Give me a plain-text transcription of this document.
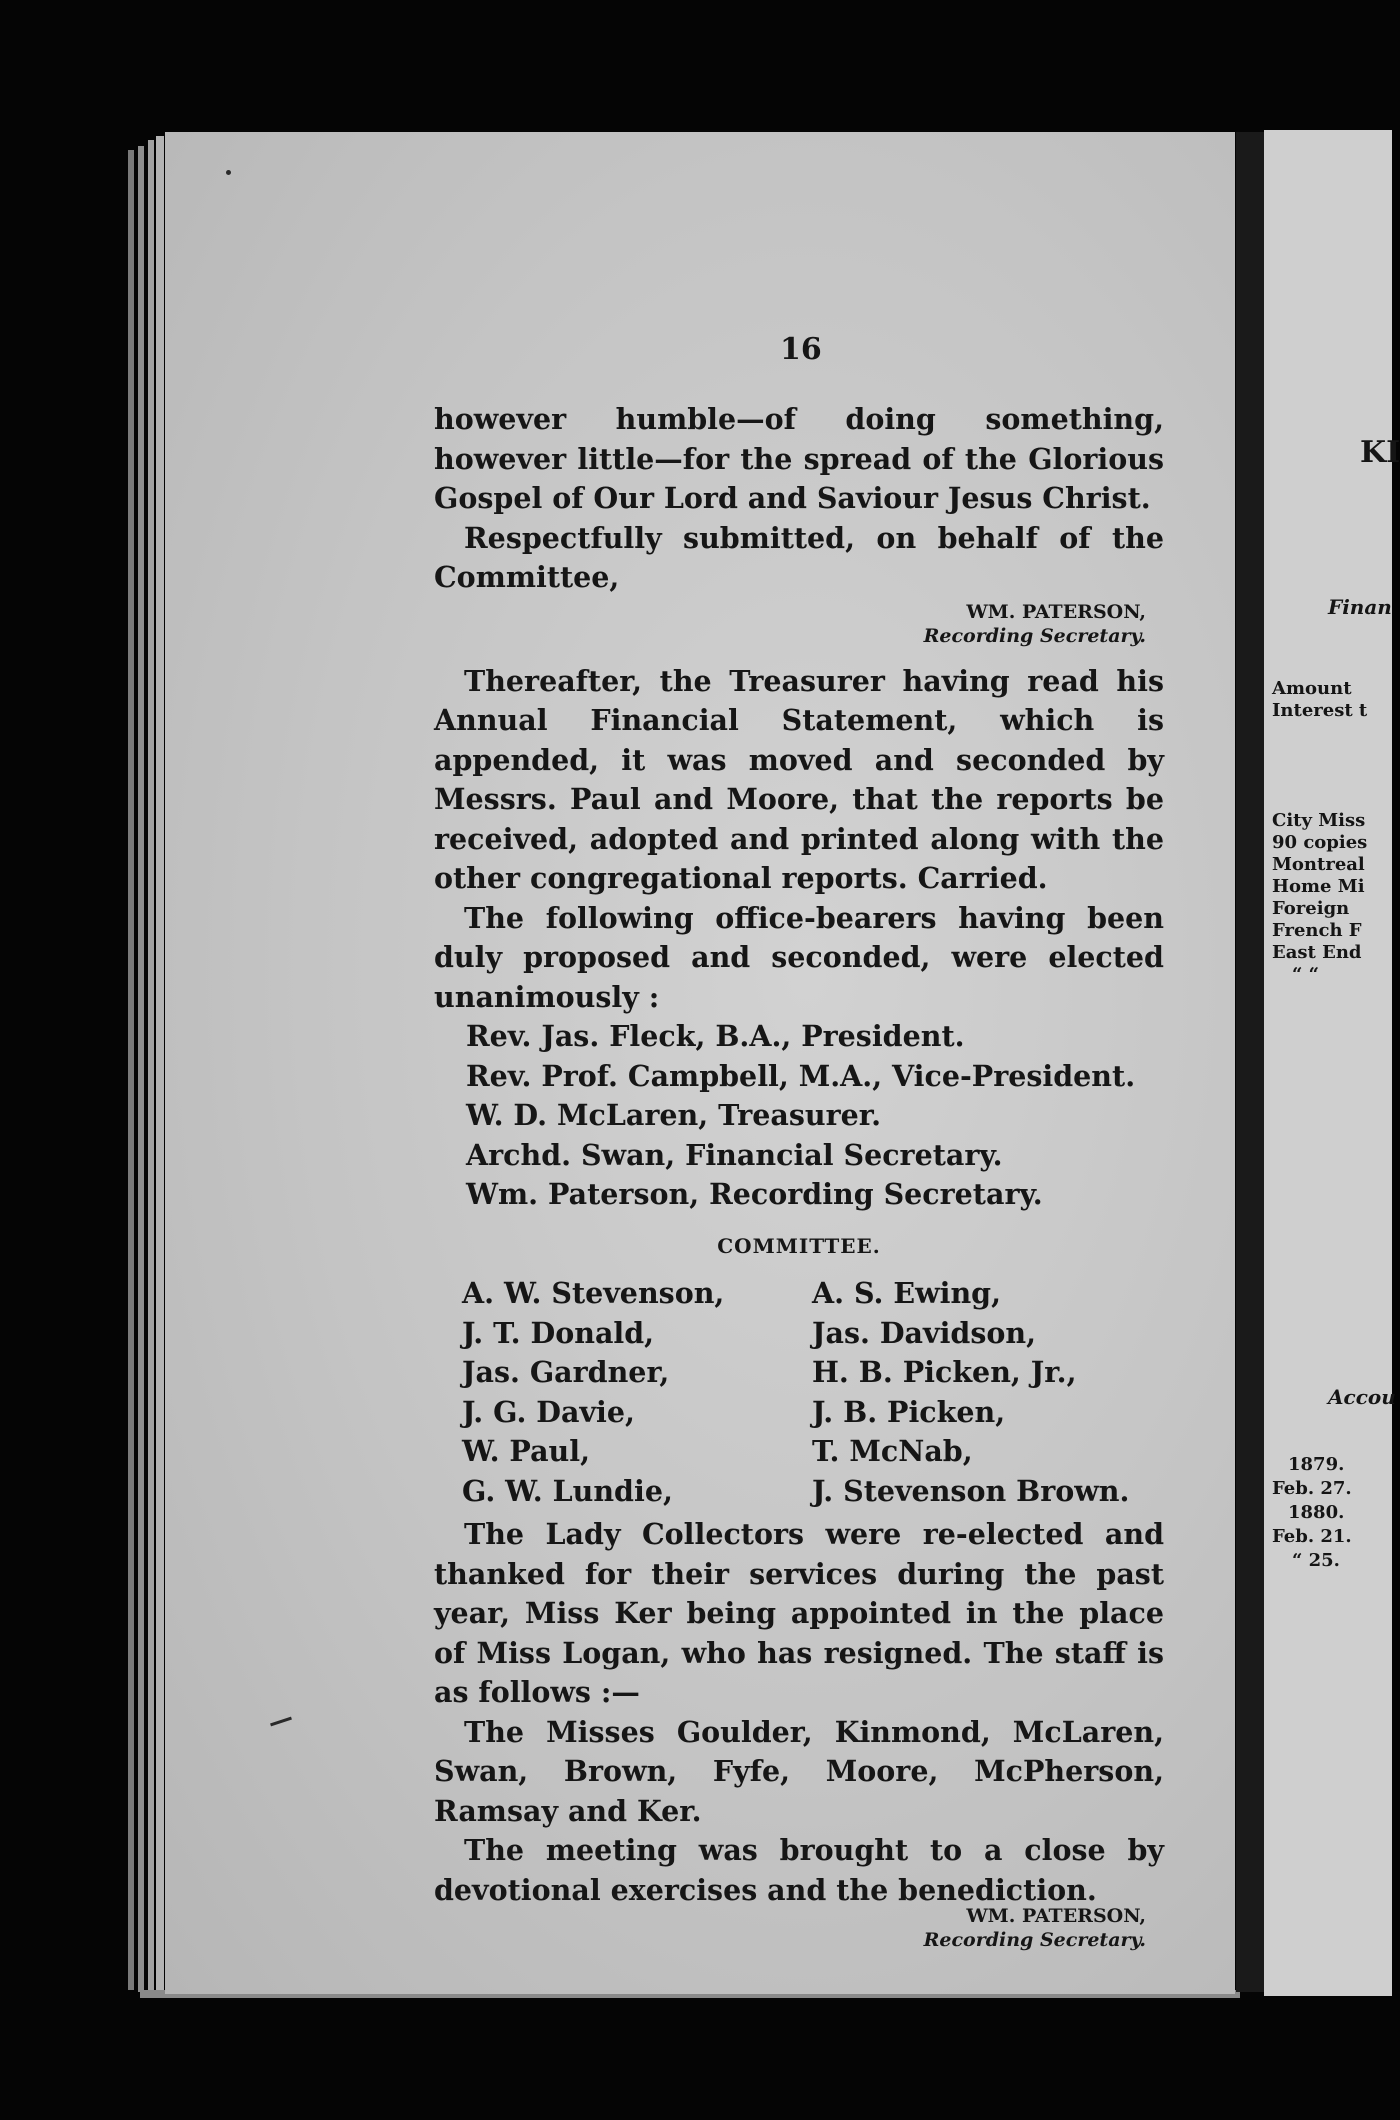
16

however humble—of doing something, however little—for the spread of the Glorious Gospel of Our Lord and Saviour Jesus Christ.

Respectfully submitted, on behalf of the Committee,

WM. PATERSON,
Recording Secretary.

Thereafter, the Treasurer having read his Annual Financial Statement, which is appended, it was moved and seconded by Messrs. Paul and Moore, that the reports be received, adopted and printed along with the other congregational reports. Carried.

The following office-bearers having been duly proposed and seconded, were elected unanimously :

Rev. Jas. Fleck, B.A., President.
Rev. Prof. Campbell, M.A., Vice-President.
W. D. McLaren, Treasurer.
Archd. Swan, Financial Secretary.
Wm. Paterson, Recording Secretary.
COMMITTEE.
A. W. Stevenson,
J. T. Donald,
Jas. Gardner,
J. G. Davie,
W. Paul,
G. W. Lundie,
A. S. Ewing,
Jas. Davidson,
H. B. Picken, Jr.,
J. B. Picken,
T. McNab,
J. Stevenson Brown.

The Lady Collectors were re-elected and thanked for their services during the past year, Miss Ker being appointed in the place of Miss Logan, who has resigned. The staff is as follows :—

The Misses Goulder, Kinmond, McLaren, Swan, Brown, Fyfe, Moore, McPherson, Ramsay and Ker.

The meeting was brought to a close by devotional exercises and the benediction.

WM. PATERSON,
Recording Secretary.

KI
Finan
Amount
Interest t
City Miss
90 copies
Montreal
Home Mi
Foreign
French F
East End
“ “
Accou
1879.
Feb. 27.
1880.
Feb. 21.
“ 25.
